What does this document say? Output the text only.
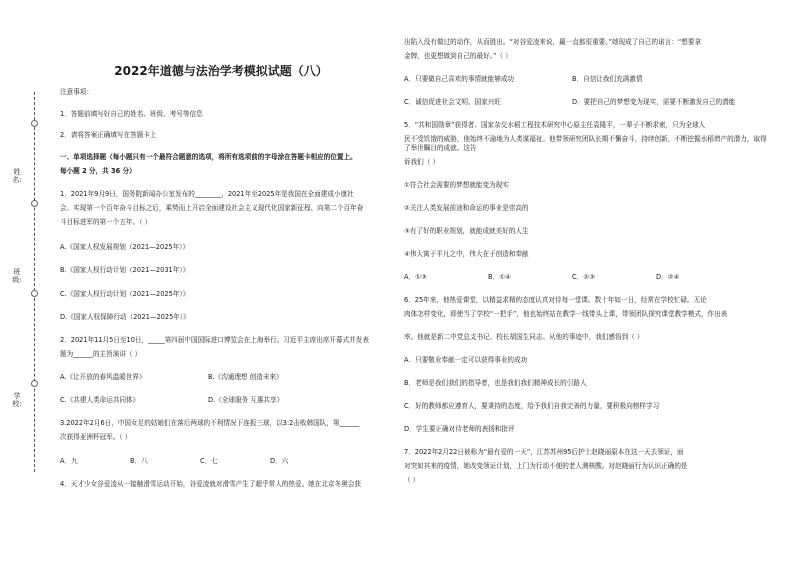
姓名:
班级:
学校:
2022年道德与法治学考模拟试题（八）
注意事项：
1．答题前填写好自己的姓名、班级、考号等信息
2．请将答案正确填写在答题卡上
一、单项选择题（每小题只有一个最符合题意的选项，将所有选项前的字母涂在答题卡相应的位置上。
每小题 2 分，共 36 分）
1．2021年9月9日，国务院新闻办公室发布的________，2021年至2025年是我国在全面建成小康社
会、实现第一个百年奋斗目标之后，乘势而上开启全面建设社会主义现代化国家新征程、向第二个百年奋
斗目标进军的第一个五年。（ ）
A.《国家人权发展规划（2021—2025年）》
B.《国家人权行动计划（2021—2031年）》
C.《国家人权行动计划（2021—2025年）》
D.《国家人权保障行动（2021—2025年）》
2．2021年11月5日至10日，_____第四届中国国际进口博览会在上海举行。习近平主席出席开幕式并发表
题为______的主旨演讲（ ）
A.《让开放的春风温暖世界》	B.《沟通理想 创造未来》
C.《共建人类命运共同体》	D.《全球服务 互惠共享》
3.2022年2月6日，中国女足的姑娘们在落后两球的不利情况下连扳三球，以3:2击败韩国队，第______
次获得亚洲杯冠军。（ ）
A．九	B．八	C．七	D．六
4．天才少女谷爱凌从一接触滑雪运动开始，谷爱凌就对滑雪产生了超乎常人的热爱。她在北京冬奥会获
出陷入没有做过的动作，从而胜出。“对谷爱凌来说，赢一直都很重要。”她现成了自己的诺言：“想要拿
金牌，也更想做到自己的最好。”（ ）
A．只要做自己喜欢的事情就能够成功	B．自信让我们充满激情
C．诚信促进社会文明、国家兴旺	D．要把自己的梦想变为现实，需要不断激发自己的潜能
5．“共和国勋章”获得者、国家杂交水稻工程技术研究中心原主任袁隆平，一辈子不断求索，只为全球人
民不受饥饿的威胁，他始终不渝地为人类谋福祉。他带领研究团队长期不懈奋斗，持续创新，不断挖掘水稻增产的潜力，取得了举世瞩目的成就。这告
诉我们（ ）
①符合社会需要的梦想就能变为现实
②关注人类发展前途和命运的事业是崇高的
③有了好的职业规划，就能成就美好的人生
④伟大寓于平凡之中，伟大在于创造和奉献
A．①③	B．①④	C．②③	D．②④
6．25年来，他热爱课堂，以精益求精的态度认真对待每一堂课。数十年如一日，经常在学校忙碌。无论
肉体怎样变化，即使当了学校“一把手”，他也始终站在教学一线带头上课，带领团队探究课堂教学模式，作出表
率。他就是新二中党总支书记、校长胡国生同志。从他的事迹中，我们感悟到（ ）
A．只要敬业奉献一定可以获得事业的成功
B．老师是我们我们的指导者，也是我们我们精神成长的引路人
C．好的教师都应遵育人，要秉持的态度，给予我们自我完善的力量，要积极向榜样学习
D．学生要正确对待老师的表扬和批评
7．2022年2月22日被称为“最有爱的一天”，江苏苏州95后护士赵晓丽原本在这一天去领证，面
对突如其来的疫情，她改变领证计划，上门为行动不便的老人测核酸。对赵晓丽行为认识正确的是
（ ）
